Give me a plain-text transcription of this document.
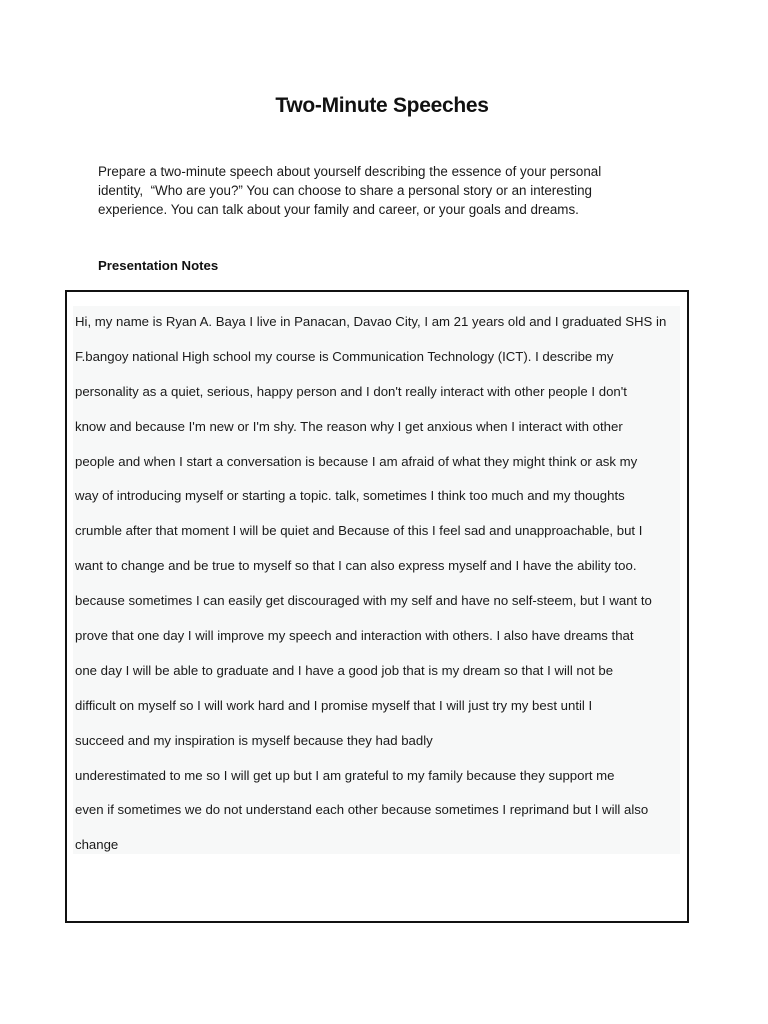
Two-Minute Speeches
Prepare a two-minute speech about yourself describing the essence of your personal
identity,  “Who are you?” You can choose to share a personal story or an interesting
experience. You can talk about your family and career, or your goals and dreams.
Presentation Notes
Hi, my name is Ryan A. Baya I live in Panacan, Davao City, I am 21 years old and I graduated SHS in
F.bangoy national High school my course is Communication Technology (ICT). I describe my
personality as a quiet, serious, happy person and I don't really interact with other people I don't
know and because I'm new or I'm shy. The reason why I get anxious when I interact with other
people and when I start a conversation is because I am afraid of what they might think or ask my
way of introducing myself or starting a topic. talk, sometimes I think too much and my thoughts
crumble after that moment I will be quiet and Because of this I feel sad and unapproachable, but I
want to change and be true to myself so that I can also express myself and I have the ability too.
because sometimes I can easily get discouraged with my self and have no self-steem, but I want to
prove that one day I will improve my speech and interaction with others. I also have dreams that
one day I will be able to graduate and I have a good job that is my dream so that I will not be
difficult on myself so I will work hard and I promise myself that I will just try my best until I
succeed and my inspiration is myself because they had badly
underestimated to me so I will get up but I am grateful to my family because they support me
even if sometimes we do not understand each other because sometimes I reprimand but I will also
change
